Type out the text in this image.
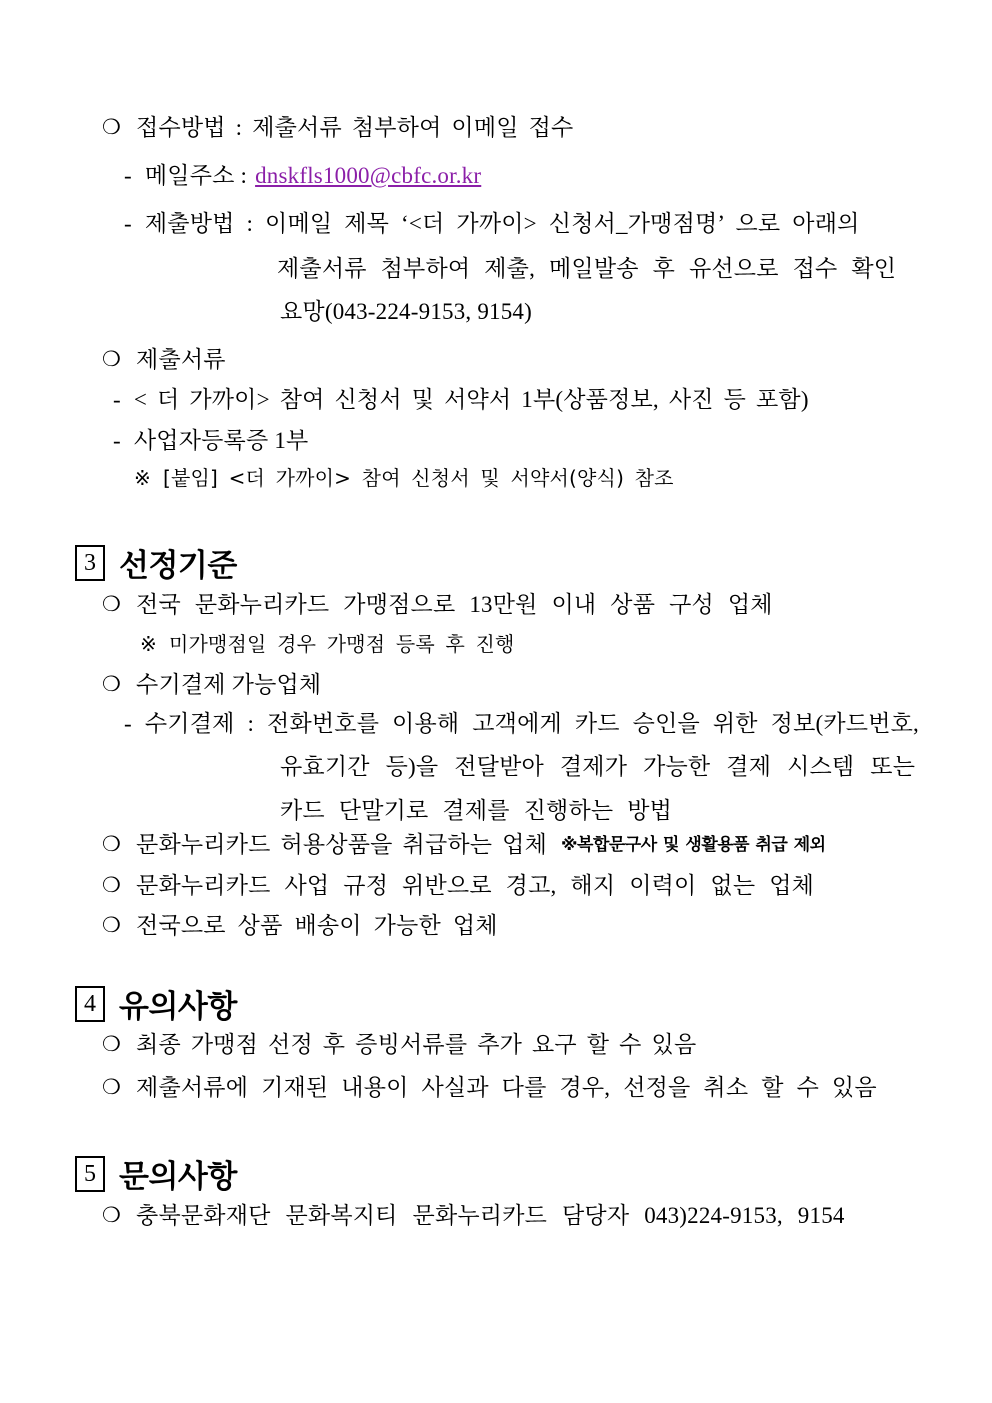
❍ 접수방법 : 제출서류 첨부하여 이메일 접수
- 메일주소 : dnskfls1000@cbfc.or.kr
- 제출방법 : 이메일 제목 ‘<더 가까이> 신청서_가맹점명’ 으로 아래의
제출서류 첨부하여 제출, 메일발송 후 유선으로 접수 확인
요망(043-224-9153, 9154)
❍ 제출서류
- < 더 가까이> 참여 신청서 및 서약서 1부(상품정보, 사진 등 포함)
- 사업자등록증 1부
※ [붙임] <더 가까이> 참여 신청서 및 서약서(양식) 참조
3 선정기준
❍ 전국 문화누리카드 가맹점으로 13만원 이내 상품 구성 업체
※ 미가맹점일 경우 가맹점 등록 후 진행
❍ 수기결제 가능업체
- 수기결제 : 전화번호를 이용해 고객에게 카드 승인을 위한 정보(카드번호,
유효기간 등)을 전달받아 결제가 가능한 결제 시스템 또는
카드 단말기로 결제를 진행하는 방법
❍ 문화누리카드 허용상품을 취급하는 업체 ※복합문구사 및 생활용품 취급 제외
❍ 문화누리카드 사업 규정 위반으로 경고, 해지 이력이 없는 업체
❍ 전국으로 상품 배송이 가능한 업체
4 유의사항
❍ 최종 가맹점 선정 후 증빙서류를 추가 요구 할 수 있음
❍ 제출서류에 기재된 내용이 사실과 다를 경우, 선정을 취소 할 수 있음
5 문의사항
❍ 충북문화재단 문화복지티 문화누리카드 담당자 043)224-9153, 9154
